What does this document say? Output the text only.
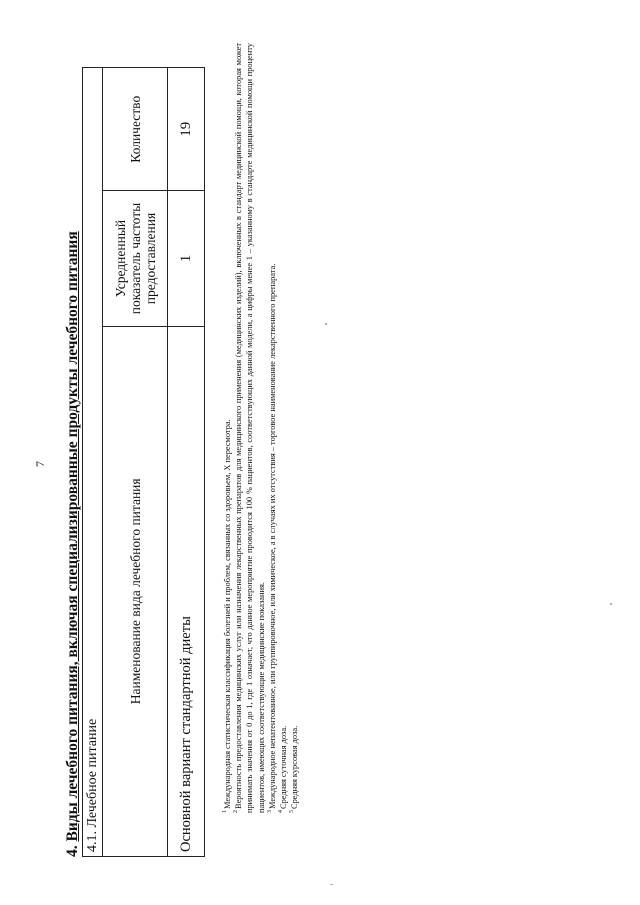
7
4. Виды лечебного питания, включая специализированные продукты лечебного питания 4.1. Лечебное питание		
Наименование вида лечебного питания	Усредненный показатель частоты предоставления	Количество
Основной вариант стандартной диеты	1	19

$^1$Международная статистическая классификация болезней и проблем, связанных со здоровьем, X пересмотра.

$^2$Вероятность предоставления медицинских услуг или назначения лекарственных препаратов для медицинского применения (медицинских изделий), включенных в стандарт медицинской помощи, которая может принимать значения от 0 до 1, где 1 означает, что данное мероприятие проводится 100 % пациентов, соответствующих данной модели, а цифры менее 1 – указанному в стандарте медицинской помощи проценту пациентов, имеющих соответствующие медицинские показания. $^3$Международное непатентованное, или группировочное, или химическое, а в случаях их отсутствия – торговое наименование лекарственного препарата.

$^4$Средняя суточная доза.

$^5$Средняя курсовая доза.
